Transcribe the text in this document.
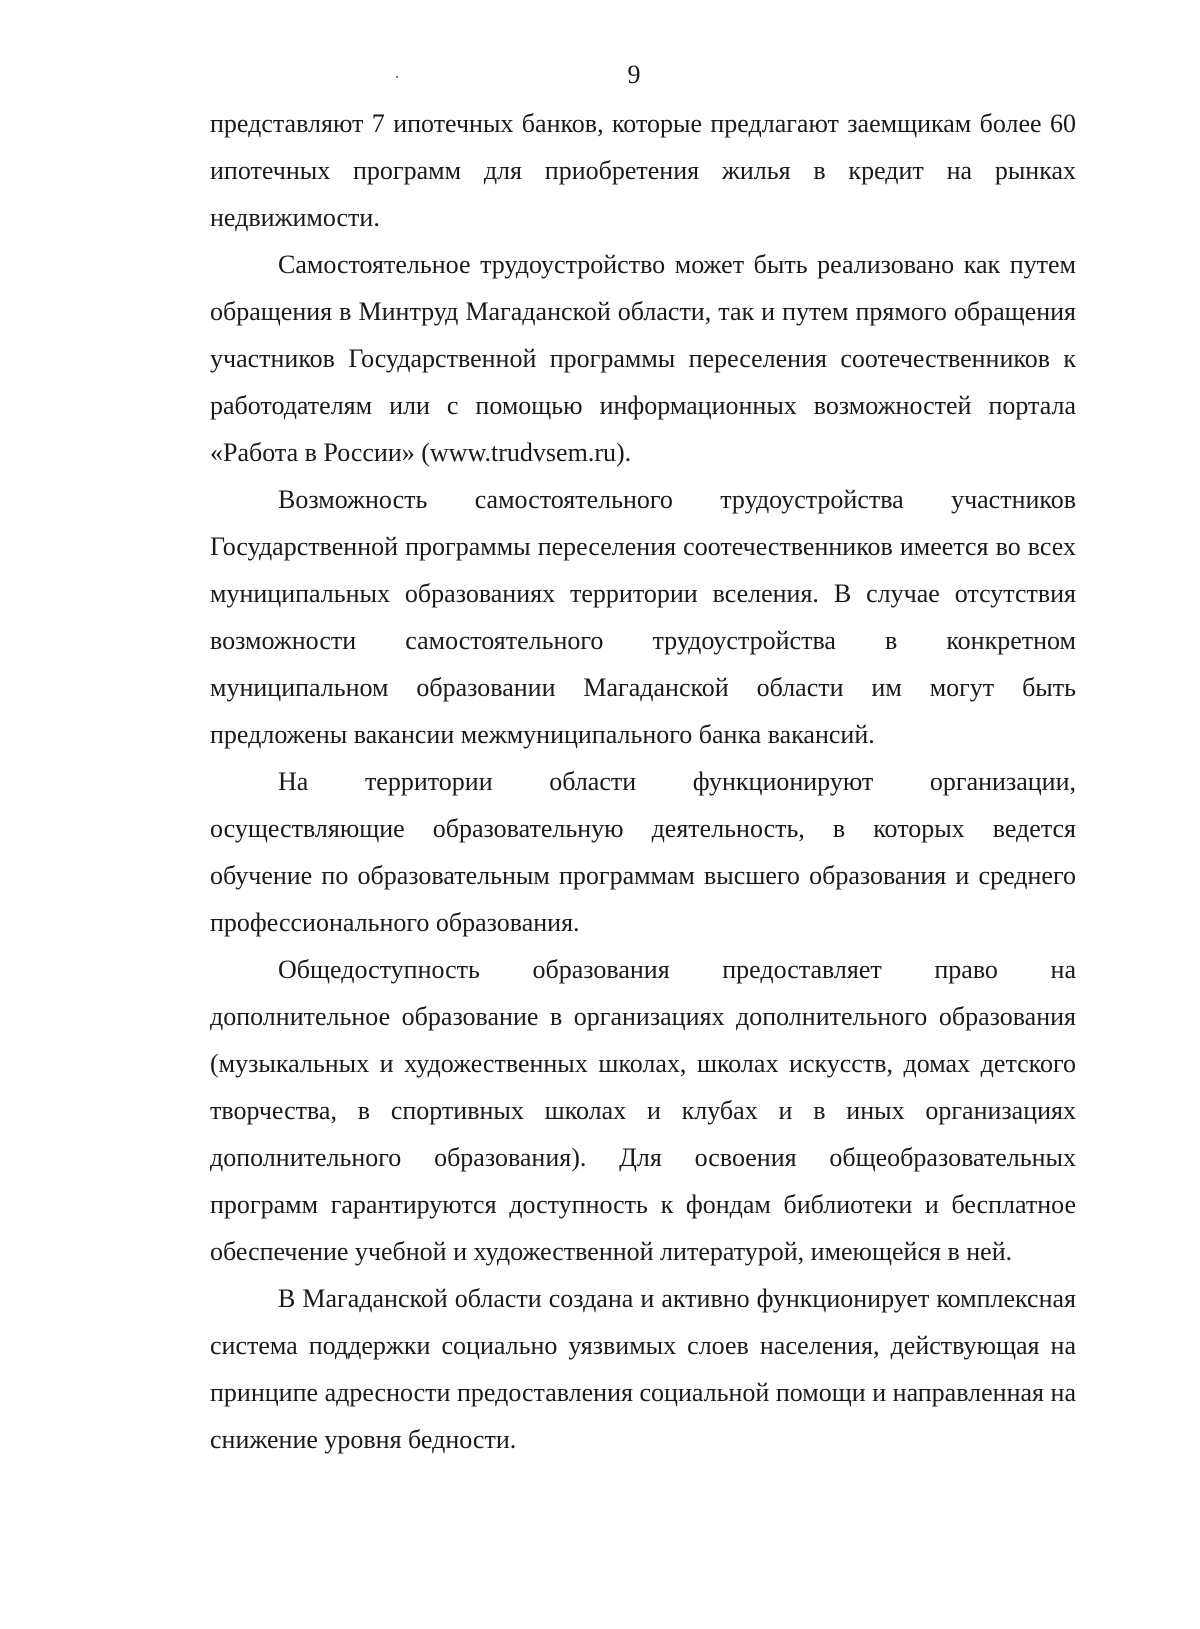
9

представляют 7 ипотечных банков, которые предлагают заемщикам более 60 ипотечных программ для приобретения жилья в кредит на рынках недвижимости.

Самостоятельное трудоустройство может быть реализовано как путем обращения в Минтруд Магаданской области, так и путем прямого обращения участников Государственной программы переселения соотечественников к работодателям или с помощью информационных возможностей портала «Работа в России» (www.trudvsem.ru).

Возможность самостоятельного трудоустройства участников Государственной программы переселения соотечественников имеется во всех муниципальных образованиях территории вселения. В случае отсутствия возможности самостоятельного трудоустройства в конкретном муниципальном образовании Магаданской области им могут быть предложены вакансии межмуниципального банка вакансий.

На территории области функционируют организации, осуществляющие образовательную деятельность, в которых ведется обучение по образовательным программам высшего образования и среднего профессионального образования.

Общедоступность образования предоставляет право на дополнительное образование в организациях дополнительного образования (музыкальных и художественных школах, школах искусств, домах детского творчества, в спортивных школах и клубах и в иных организациях дополнительного образования). Для освоения общеобразовательных программ гарантируются доступность к фондам библиотеки и бесплатное обеспечение учебной и художественной литературой, имеющейся в ней.

В Магаданской области создана и активно функционирует комплексная система поддержки социально уязвимых слоев населения, действующая на принципе адресности предоставления социальной помощи и направленная на снижение уровня бедности.
